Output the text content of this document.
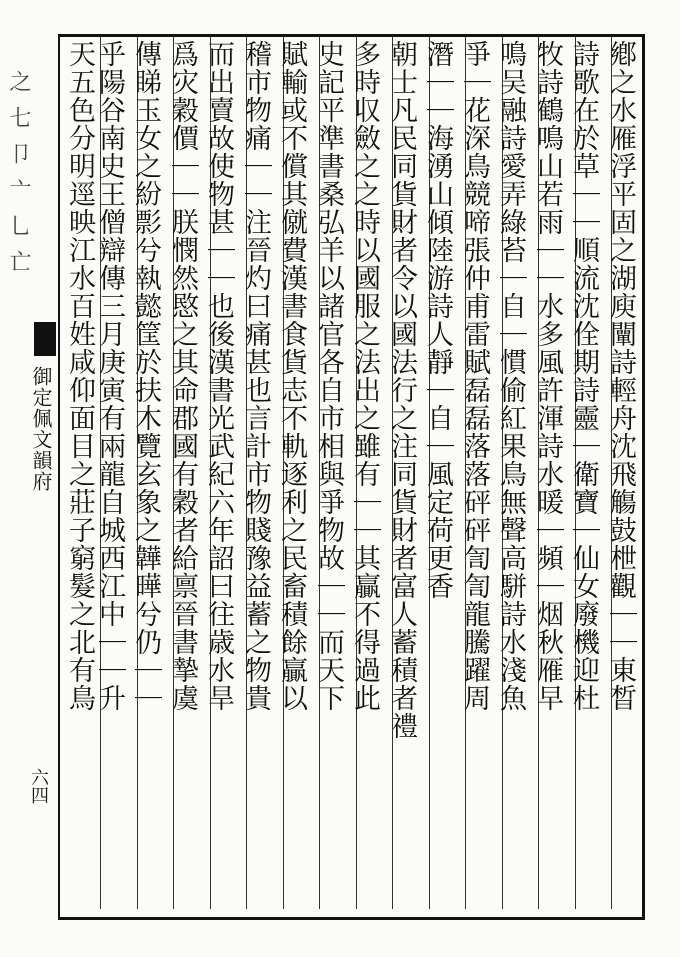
之七卩亠乚亡
御定佩文韻府
六四
鄕之水雁浮平固之湖庾闡詩輕舟沈飛觴鼓枻觀｜｜東晳
詩歌在於草｜｜順流沈佺期詩靈｜衛寶｜仙女廢機迎杜
牧詩鶴鳴山若雨｜｜水多風許渾詩水暖｜頻｜烟秋雁早
鳴吴融詩愛弄綠苔｜自｜慣偷紅果鳥無聲高駢詩水淺魚
爭｜花深鳥競啼張仲甫雷賦磊磊落落砰砰訇訇龍騰躍周
潛｜｜海湧山傾陸游詩人靜｜自｜風定荷更香
朝士凡民同貨財者令以國法行之注同貨財者富人蓄積者禮
多時収斂之之時以國服之法出之雖有｜｜其贏不得過此
史記平準書桑弘羊以諸官各自市相與爭物故｜｜而天下
賦輸或不償其僦費漢書食貨志不軌逐利之民畜積餘贏以
稽市物痛｜｜注晉灼曰痛甚也言計市物賤豫益蓄之物貴
而出賣故使物甚｜｜也後漢書光武紀六年詔曰往歳水旱
爲灾穀價｜｜朕憫然愍之其命郡國有穀者給禀晉書摯虞
傳睇玉女之紛彯兮執懿筐於扶木覽玄象之韡曄兮仍｜｜
乎陽谷南史王僧辯傳三月庚寅有兩龍自城西江中｜｜升
天五色分明逕映江水百姓咸仰面目之莊子窮髮之北有鳥
